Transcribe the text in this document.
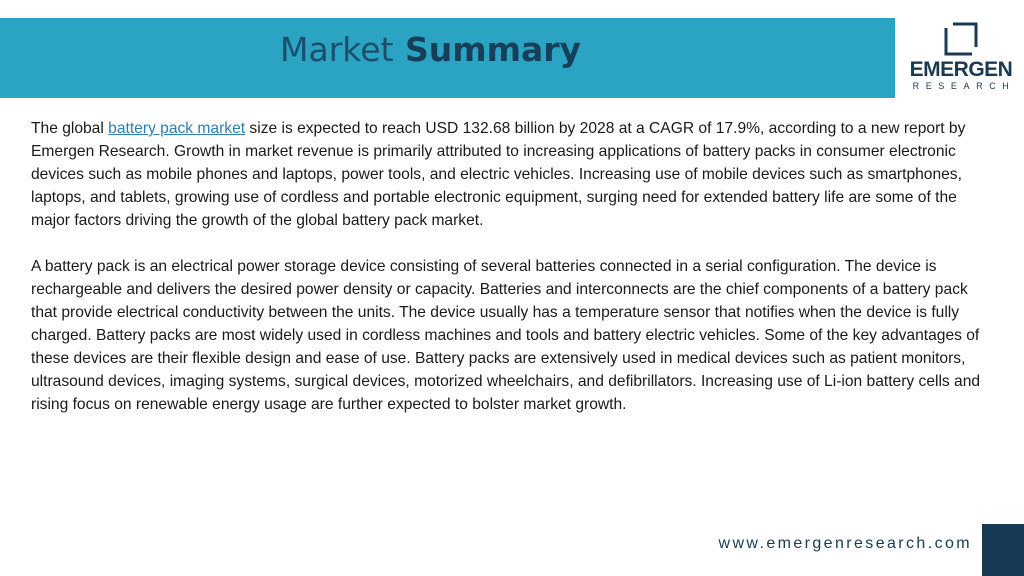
Market Summary
EMERGEN
RESEARCH

The global battery pack market size is expected to reach USD 132.68 billion by 2028 at a CAGR of 17.9%, according to a new report by Emergen Research. Growth in market revenue is primarily attributed to increasing applications of battery packs in consumer electronic devices such as mobile phones and laptops, power tools, and electric vehicles. Increasing use of mobile devices such as smartphones, laptops, and tablets, growing use of cordless and portable electronic equipment, surging need for extended battery life are some of the major factors driving the growth of the global battery pack market.

A battery pack is an electrical power storage device consisting of several batteries connected in a serial configuration. The device is rechargeable and delivers the desired power density or capacity. Batteries and interconnects are the chief components of a battery pack that provide electrical conductivity between the units. The device usually has a temperature sensor that notifies when the device is fully charged. Battery packs are most widely used in cordless machines and tools and battery electric vehicles. Some of the key advantages of these devices are their flexible design and ease of use. Battery packs are extensively used in medical devices such as patient monitors, ultrasound devices, imaging systems, surgical devices, motorized wheelchairs, and defibrillators. Increasing use of Li-ion battery cells and rising focus on renewable energy usage are further expected to bolster market growth.

www.emergenresearch.com
